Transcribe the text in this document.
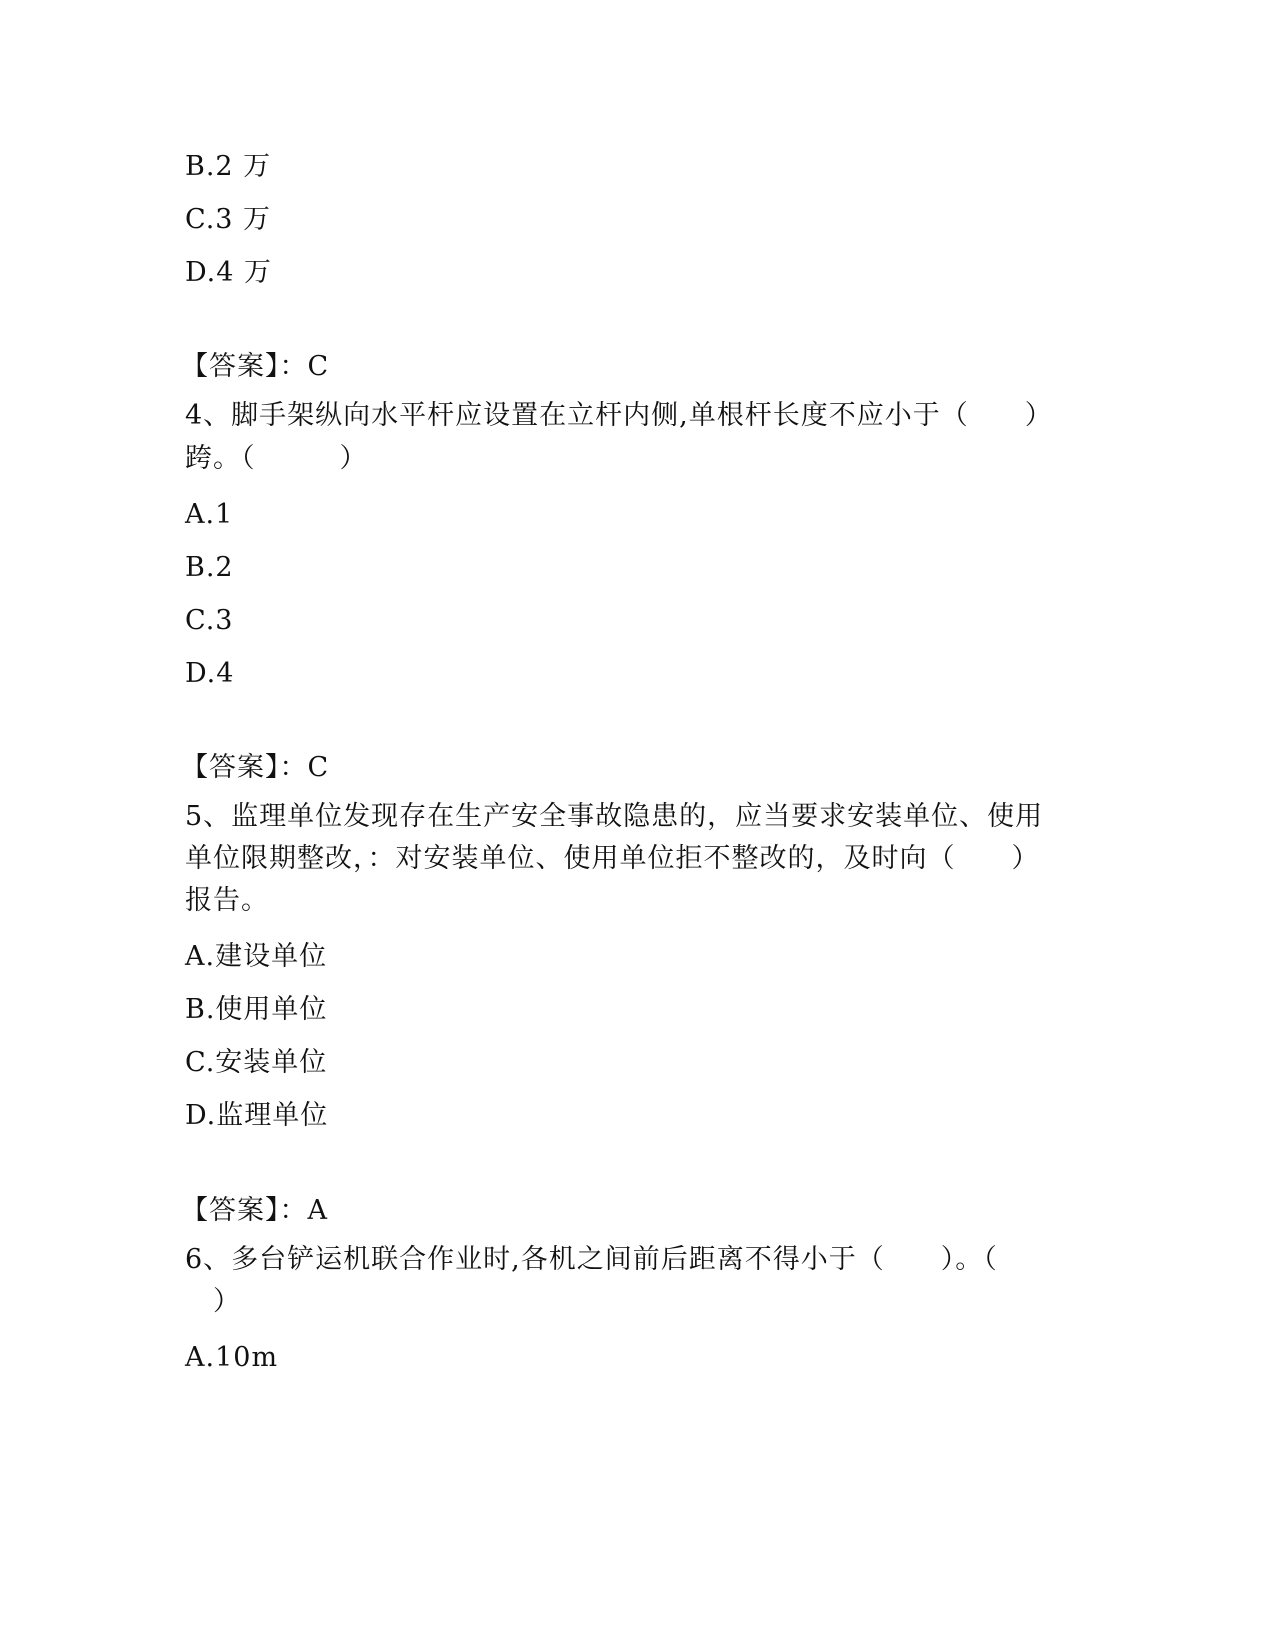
B.2 万
C.3 万
D.4 万
【答案】：C
4、脚手架纵向水平杆应设置在立杆内侧,单根杆长度不应小于（　　）
跨。（　　　）
A.1
B.2
C.3
D.4
【答案】：C
5、监理单位发现存在生产安全事故隐患的，应当要求安装单位、使用
单位限期整改，：对安装单位、使用单位拒不整改的，及时向（　　）
报告。
A.建设单位
B.使用单位
C.安装单位
D.监理单位
【答案】：A
6、多台铲运机联合作业时,各机之间前后距离不得小于（　　）。（
　）
A.10m
